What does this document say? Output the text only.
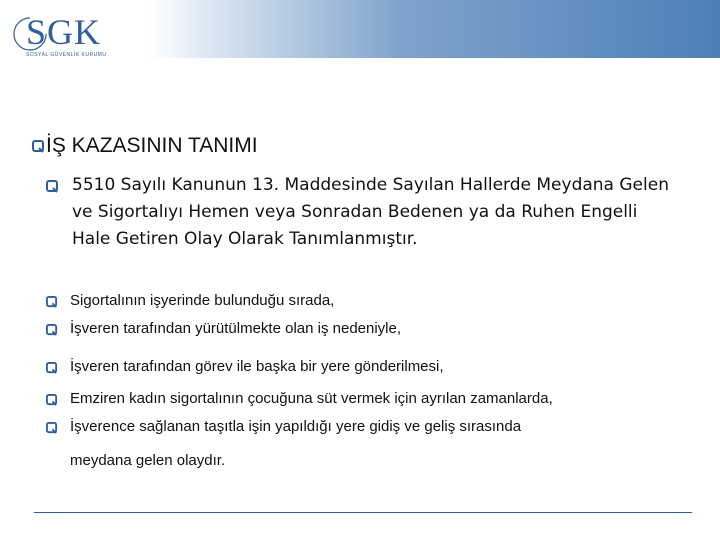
SGK
SOSYAL GÜVENLİK KURUMU
İŞ KAZASININ TANIMI
5510 Sayılı Kanunun 13. Maddesinde Sayılan Hallerde Meydana Gelen ve Sigortalıyı Hemen veya Sonradan Bedenen ya da Ruhen Engelli Hale Getiren Olay Olarak Tanımlanmıştır.
Sigortalının işyerinde bulunduğu sırada,
İşveren tarafından yürütülmekte olan iş nedeniyle,
İşveren tarafından görev ile başka bir yere gönderilmesi,
Emziren kadın sigortalının çocuğuna süt vermek için ayrılan zamanlarda,
İşverence sağlanan taşıtla işin yapıldığı yere gidiş ve geliş sırasında
meydana gelen olaydır.
